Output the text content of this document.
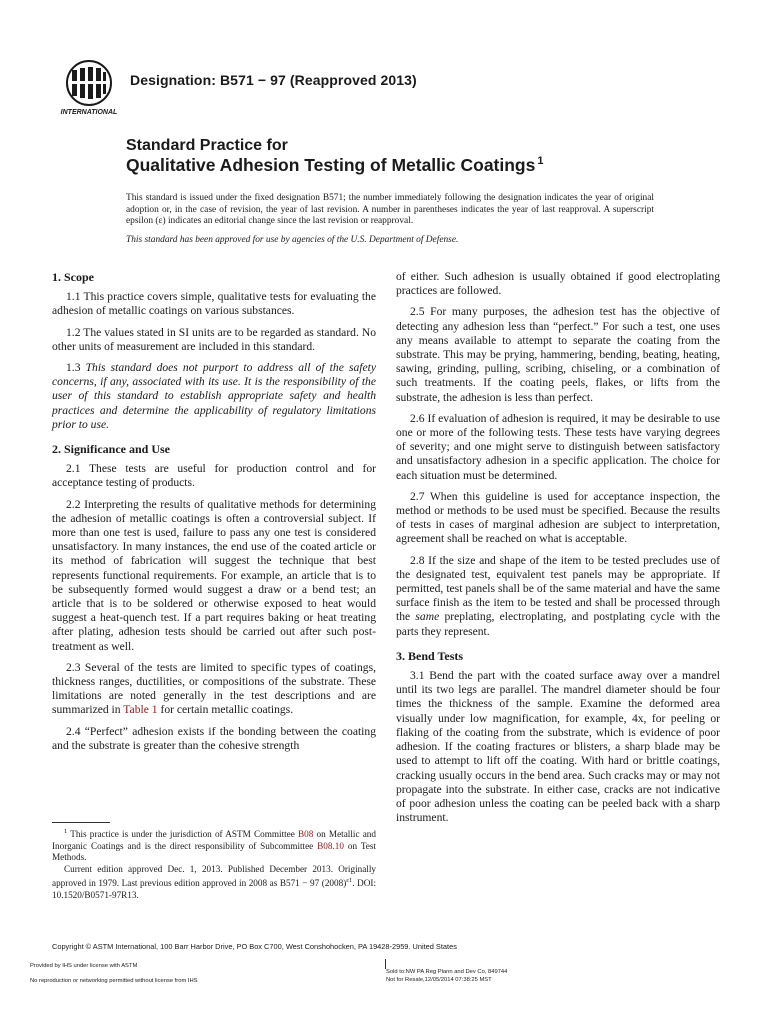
INTERNATIONAL
Designation: B571 − 97 (Reapproved 2013)
Standard Practice for
Qualitative Adhesion Testing of Metallic Coatings $^1$
This standard is issued under the fixed designation B571; the number immediately following the designation indicates the year of original adoption or, in the case of revision, the year of last revision. A number in parentheses indicates the year of last reapproval. A superscript epsilon (ε) indicates an editorial change since the last revision or reapproval.
This standard has been approved for use by agencies of the U.S. Department of Defense.
1. Scope

1.1 This practice covers simple, qualitative tests for evaluating the adhesion of metallic coatings on various substances.

1.2 The values stated in SI units are to be regarded as standard. No other units of measurement are included in this standard.

1.3 This standard does not purport to address all of the safety concerns, if any, associated with its use. It is the responsibility of the user of this standard to establish appropriate safety and health practices and determine the applicability of regulatory limitations prior to use.

2. Significance and Use

2.1 These tests are useful for production control and for acceptance testing of products.

2.2 Interpreting the results of qualitative methods for determining the adhesion of metallic coatings is often a controversial subject. If more than one test is used, failure to pass any one test is considered unsatisfactory. In many instances, the end use of the coated article or its method of fabrication will suggest the technique that best represents functional requirements. For example, an article that is to be subsequently formed would suggest a draw or a bend test; an article that is to be soldered or otherwise exposed to heat would suggest a heat-quench test. If a part requires baking or heat treating after plating, adhesion tests should be carried out after such post-treatment as well.

2.3 Several of the tests are limited to specific types of coatings, thickness ranges, ductilities, or compositions of the substrate. These limitations are noted generally in the test descriptions and are summarized in Table 1 for certain metallic coatings.

2.4 “Perfect” adhesion exists if the bonding between the coating and the substrate is greater than the cohesive strength

of either. Such adhesion is usually obtained if good electroplating practices are followed.

2.5 For many purposes, the adhesion test has the objective of detecting any adhesion less than “perfect.” For such a test, one uses any means available to attempt to separate the coating from the substrate. This may be prying, hammering, bending, beating, heating, sawing, grinding, pulling, scribing, chiseling, or a combination of such treatments. If the coating peels, flakes, or lifts from the substrate, the adhesion is less than perfect.

2.6 If evaluation of adhesion is required, it may be desirable to use one or more of the following tests. These tests have varying degrees of severity; and one might serve to distinguish between satisfactory and unsatisfactory adhesion in a specific application. The choice for each situation must be determined.

2.7 When this guideline is used for acceptance inspection, the method or methods to be used must be specified. Because the results of tests in cases of marginal adhesion are subject to interpretation, agreement shall be reached on what is acceptable.

2.8 If the size and shape of the item to be tested precludes use of the designated test, equivalent test panels may be appropriate. If permitted, test panels shall be of the same material and have the same surface finish as the item to be tested and shall be processed through the same preplating, electroplating, and postplating cycle with the parts they represent.

3. Bend Tests

3.1 Bend the part with the coated surface away over a mandrel until its two legs are parallel. The mandrel diameter should be four times the thickness of the sample. Examine the deformed area visually under low magnification, for example, 4x, for peeling or flaking of the coating from the substrate, which is evidence of poor adhesion. If the coating fractures or blisters, a sharp blade may be used to attempt to lift off the coating. With hard or brittle coatings, cracking usually occurs in the bend area. Such cracks may or may not propagate into the substrate. In either case, cracks are not indicative of poor adhesion unless the coating can be peeled back with a sharp instrument.

$^1$ This practice is under the jurisdiction of ASTM Committee B08 on Metallic and Inorganic Coatings and is the direct responsibility of Subcommittee B08.10 on Test Methods.

Current edition approved Dec. 1, 2013. Published December 2013. Originally approved in 1979. Last previous edition approved in 2008 as B571 − 97 $(2008)^{\varepsilon 1}$. DOI: 10.1520/B0571-97R13.

Copyright © ASTM International, 100 Barr Harbor Drive, PO Box C700, West Conshohocken, PA 19428-2959. United States
Provided by IHS under license with ASTM
No reproduction or networking permitted without license from IHS
Sold to:NW PA Reg Plann and Dev Co, 849744
Not for Resale,12/05/2014 07:38:25 MST
